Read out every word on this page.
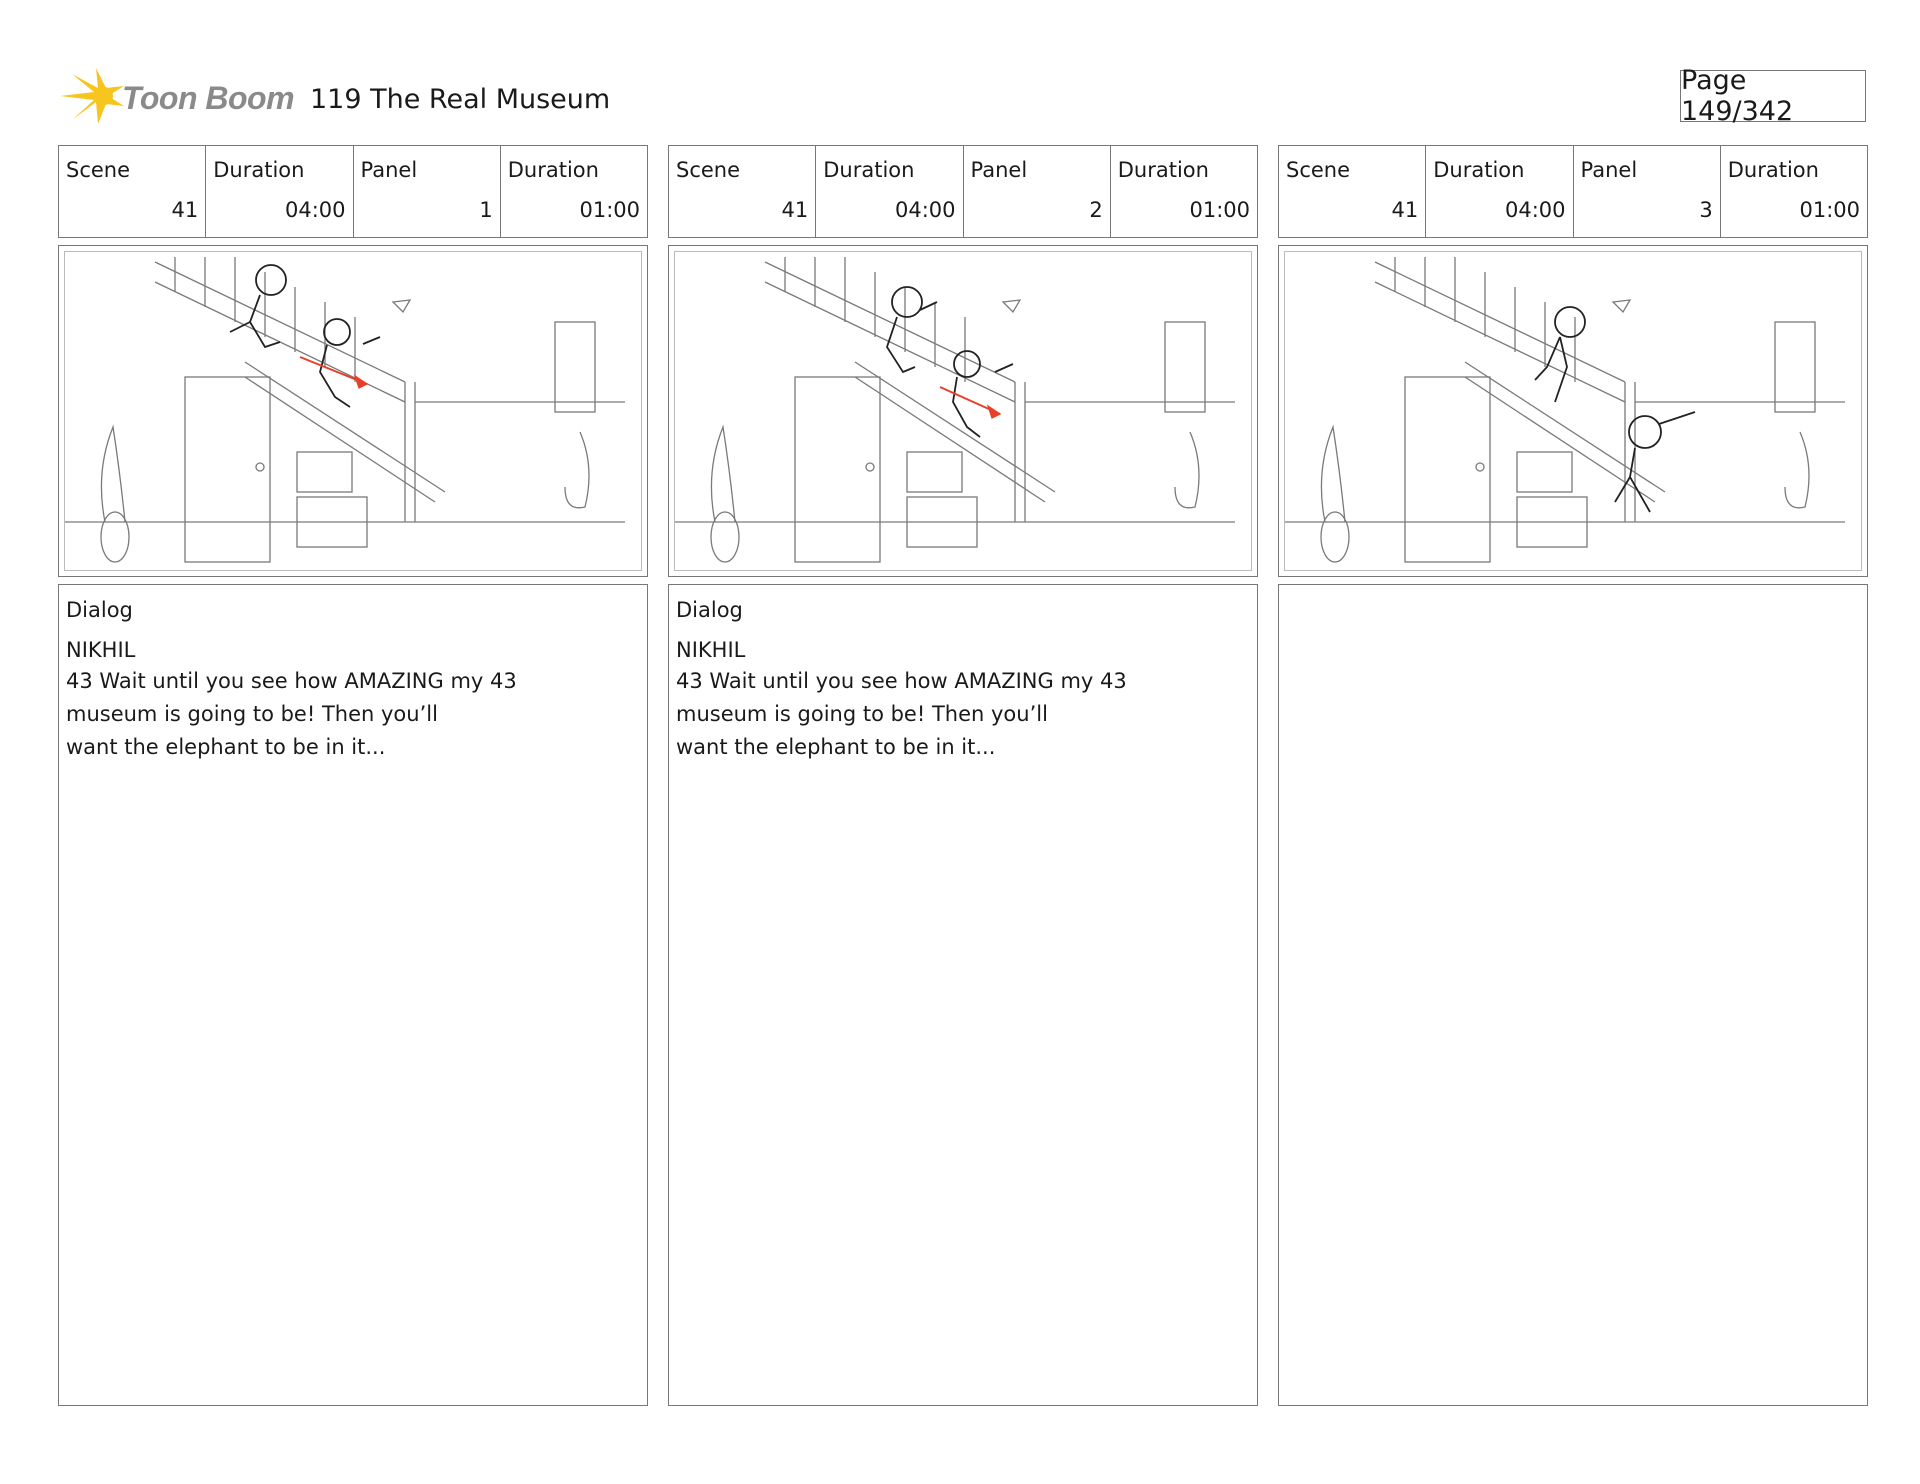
Toon Boom 119 The Real Museum
Page 149/342
Scene
41
Duration
04:00
Panel
1
Duration
01:00
Dialog
NIKHIL
43 Wait until you see how AMAZING my 43
museum is going to be! Then you’ll
want the elephant to be in it...
Scene
41
Duration
04:00
Panel
2
Duration
01:00
Dialog
NIKHIL
43 Wait until you see how AMAZING my 43
museum is going to be! Then you’ll
want the elephant to be in it...
Scene
41
Duration
04:00
Panel
3
Duration
01:00
